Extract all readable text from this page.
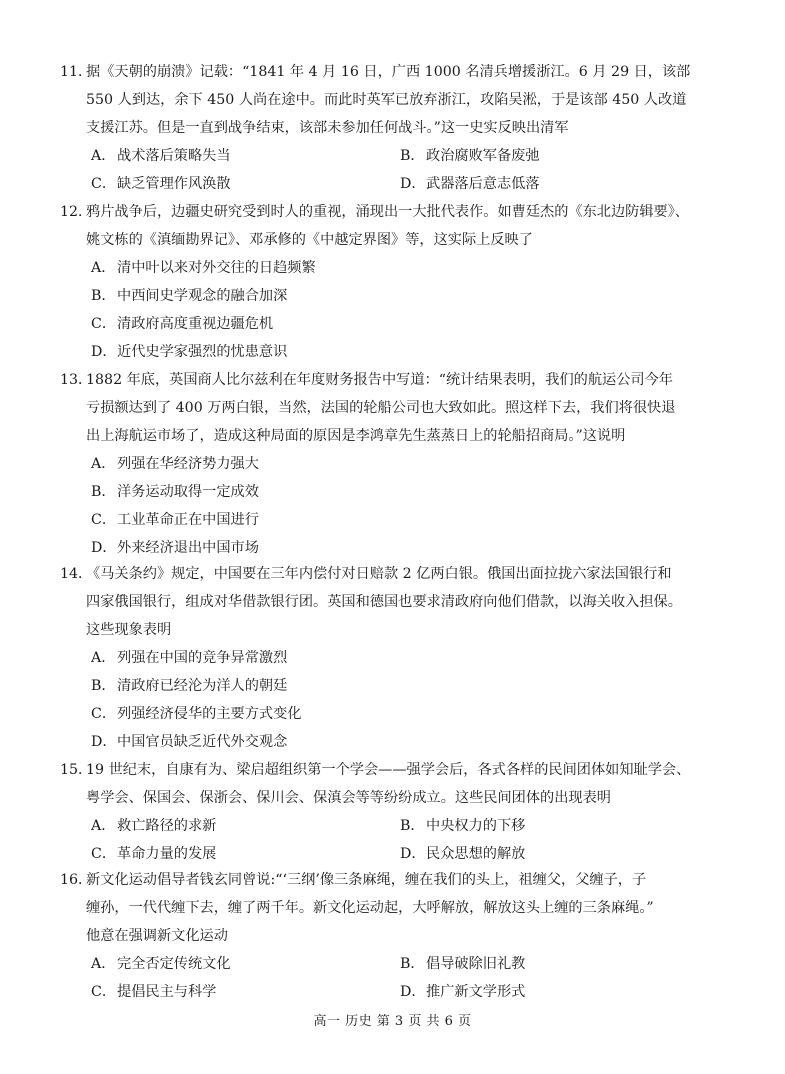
11．
据《天朝的崩溃》记载：“1841 年 4 月 16 日，广西 1000 名清兵增援浙江。6 月 29 日，该部
550 人到达，余下 450 人尚在途中。而此时英军已放弃浙江，攻陷吴淞，于是该部 450 人改道
支援江苏。但是一直到战争结束，该部未参加任何战斗。”这一史实反映出清军
A． 战术落后策略失当	B．政治腐败军备废弛
C．缺乏管理作风涣散	D．武器落后意志低落
12．
鸦片战争后，边疆史研究受到时人的重视，涌现出一大批代表作。如曹廷杰的《东北边防辑要》、
姚文栋的《滇缅勘界记》、邓承修的《中越定界图》等，这实际上反映了
A． 清中叶以来对外交往的日趋频繁
B．中西间史学观念的融合加深
C．清政府高度重视边疆危机
D．近代史学家强烈的忧患意识
13．
1882 年底，英国商人比尔兹利在年度财务报告中写道：“统计结果表明，我们的航运公司今年
亏损额达到了 400 万两白银，当然，法国的轮船公司也大致如此。照这样下去，我们将很快退
出上海航运市场了，造成这种局面的原因是李鸿章先生蒸蒸日上的轮船招商局。”这说明
A． 列强在华经济势力强大
B．洋务运动取得一定成效
C．工业革命正在中国进行
D．外来经济退出中国市场
14．
《马关条约》规定，中国要在三年内偿付对日赔款 2 亿两白银。俄国出面拉拢六家法国银行和
四家俄国银行，组成对华借款银行团。英国和德国也要求清政府向他们借款，以海关收入担保。
这些现象表明
A． 列强在中国的竞争异常激烈
B．清政府已经沦为洋人的朝廷
C．列强经济侵华的主要方式变化
D．中国官员缺乏近代外交观念
15．
19 世纪末，自康有为、梁启超组织第一个学会——强学会后，各式各样的民间团体如知耻学会、
粤学会、保国会、保浙会、保川会、保滇会等等纷纷成立。这些民间团体的出现表明
A． 救亡路径的求新	B．中央权力的下移
C．革命力量的发展	D．民众思想的解放
16．
新文化运动倡导者钱玄同曾说:“‘三纲’像三条麻绳，缠在我们的头上，祖缠父，父缠子，子
缠孙，一代代缠下去，缠了两千年。新文化运动起，大呼解放，解放这头上缠的三条麻绳。”
他意在强调新文化运动
A． 完全否定传统文化	B．倡导破除旧礼教
C．提倡民主与科学	D．推广新文学形式
高一 历史 第 3 页 共 6 页
